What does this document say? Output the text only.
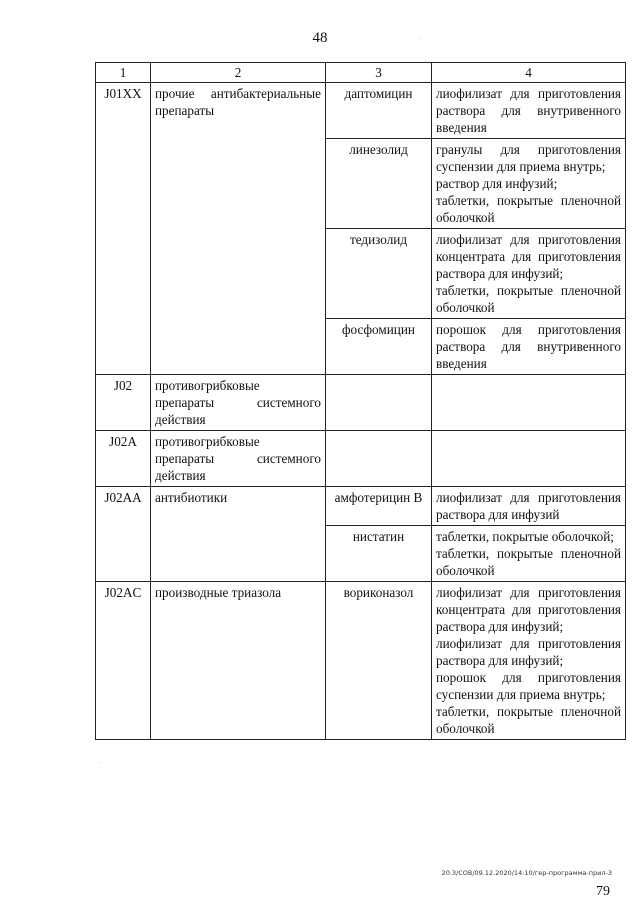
48
1	2	3	4
J01XX	прочие антибактериальные препараты	даптомицин	лиофилизат для приготовления раствора для внутривенного введения

		линезолид	гранулы для приготовления суспензии для приема внутрь;
раствор для инфузий;
таблетки, покрытые пленочной оболочкой

		тедизолид	лиофилизат для приготовления концентрата для приготовления раствора для инфузий;
таблетки, покрытые пленочной оболочкой

		фосфомицин	порошок для приготовления раствора для внутривенного введения

J02	противогрибковые препараты системного действия		
J02A	противогрибковые препараты системного действия		
J02AA	антибиотики	амфотерицин В	лиофилизат для приготовления раствора для инфузий

		нистатин	таблетки, покрытые оболочкой;
таблетки, покрытые пленочной оболочкой

J02AC	производные триазола	вориконазол	лиофилизат для приготовления концентрата для приготовления раствора для инфузий;
лиофилизат для приготовления раствора для инфузий;
порошок для приготовления суспензии для приема внутрь;
таблетки, покрытые пленочной оболочкой
·
·
20.3/СОВ/09.12.2020/14:10/гер-программа-прил-3
79
